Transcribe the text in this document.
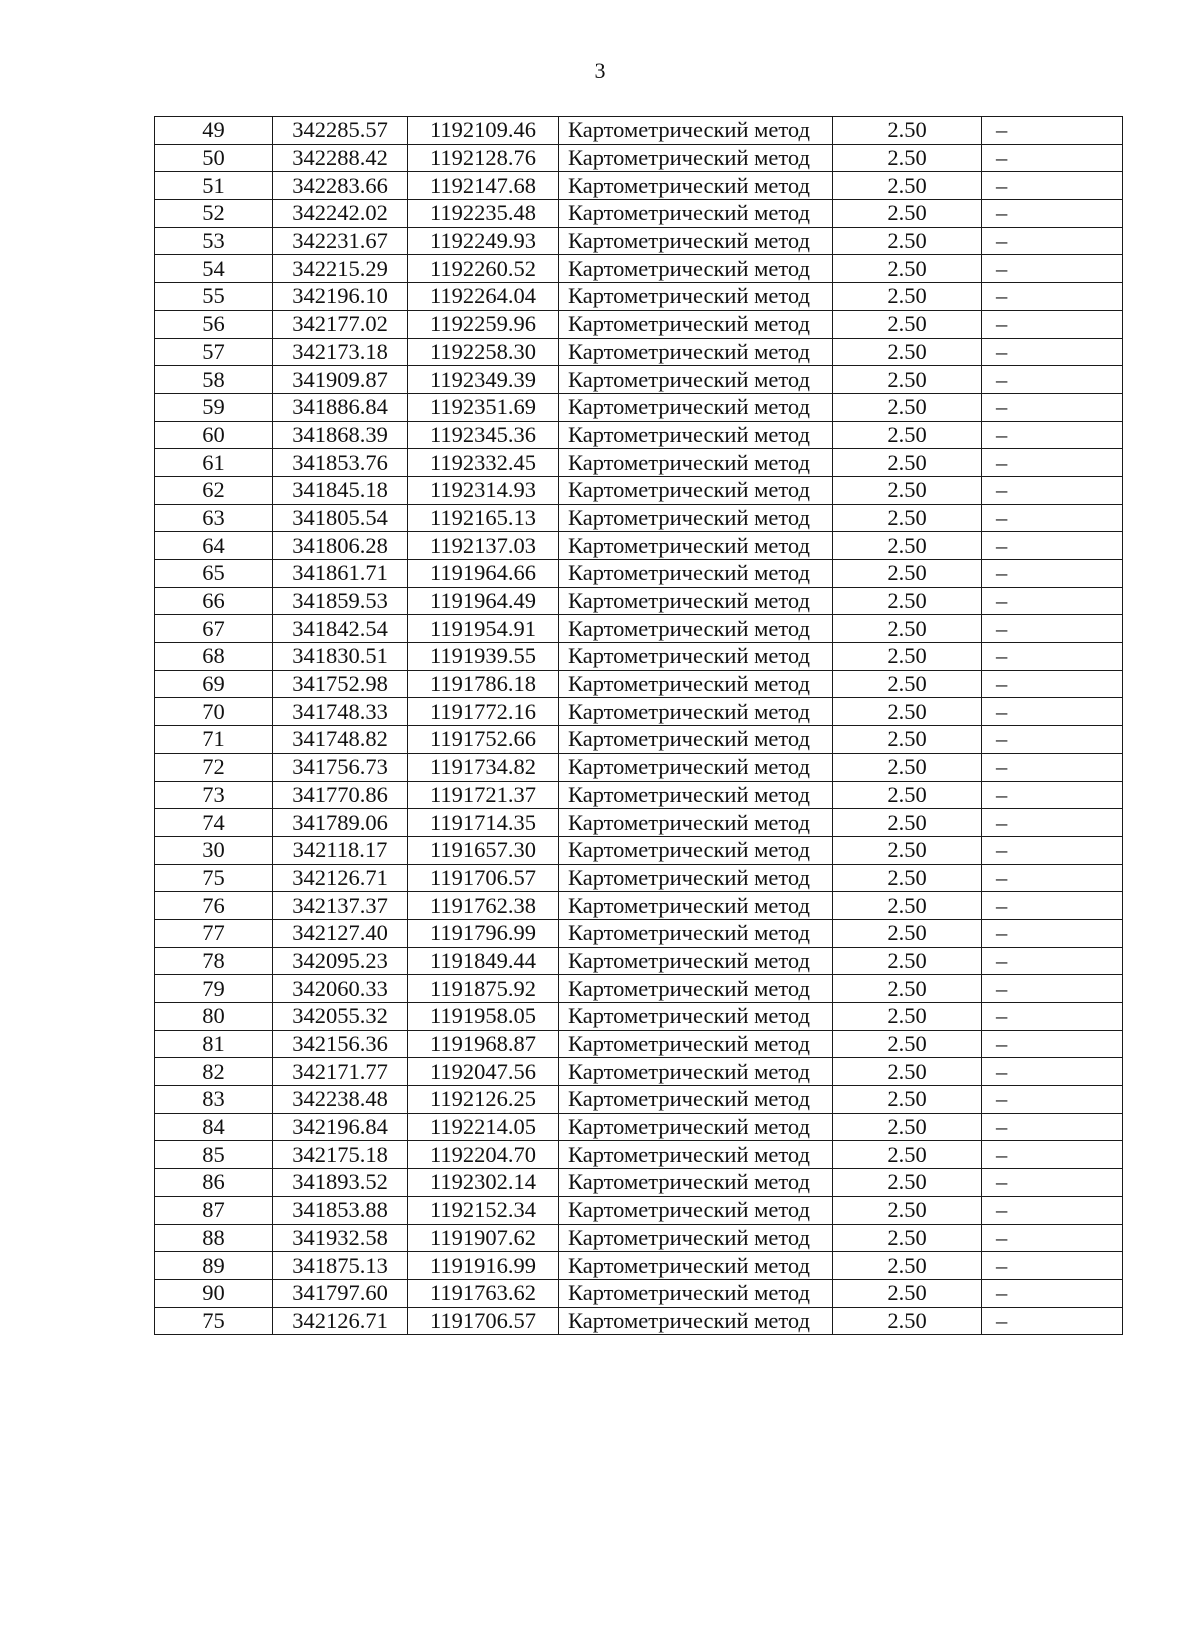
3
49	342285.57	1192109.46	Картометрический метод	2.50	–
50	342288.42	1192128.76	Картометрический метод	2.50	–
51	342283.66	1192147.68	Картометрический метод	2.50	–
52	342242.02	1192235.48	Картометрический метод	2.50	–
53	342231.67	1192249.93	Картометрический метод	2.50	–
54	342215.29	1192260.52	Картометрический метод	2.50	–
55	342196.10	1192264.04	Картометрический метод	2.50	–
56	342177.02	1192259.96	Картометрический метод	2.50	–
57	342173.18	1192258.30	Картометрический метод	2.50	–
58	341909.87	1192349.39	Картометрический метод	2.50	–
59	341886.84	1192351.69	Картометрический метод	2.50	–
60	341868.39	1192345.36	Картометрический метод	2.50	–
61	341853.76	1192332.45	Картометрический метод	2.50	–
62	341845.18	1192314.93	Картометрический метод	2.50	–
63	341805.54	1192165.13	Картометрический метод	2.50	–
64	341806.28	1192137.03	Картометрический метод	2.50	–
65	341861.71	1191964.66	Картометрический метод	2.50	–
66	341859.53	1191964.49	Картометрический метод	2.50	–
67	341842.54	1191954.91	Картометрический метод	2.50	–
68	341830.51	1191939.55	Картометрический метод	2.50	–
69	341752.98	1191786.18	Картометрический метод	2.50	–
70	341748.33	1191772.16	Картометрический метод	2.50	–
71	341748.82	1191752.66	Картометрический метод	2.50	–
72	341756.73	1191734.82	Картометрический метод	2.50	–
73	341770.86	1191721.37	Картометрический метод	2.50	–
74	341789.06	1191714.35	Картометрический метод	2.50	–
30	342118.17	1191657.30	Картометрический метод	2.50	–
75	342126.71	1191706.57	Картометрический метод	2.50	–
76	342137.37	1191762.38	Картометрический метод	2.50	–
77	342127.40	1191796.99	Картометрический метод	2.50	–
78	342095.23	1191849.44	Картометрический метод	2.50	–
79	342060.33	1191875.92	Картометрический метод	2.50	–
80	342055.32	1191958.05	Картометрический метод	2.50	–
81	342156.36	1191968.87	Картометрический метод	2.50	–
82	342171.77	1192047.56	Картометрический метод	2.50	–
83	342238.48	1192126.25	Картометрический метод	2.50	–
84	342196.84	1192214.05	Картометрический метод	2.50	–
85	342175.18	1192204.70	Картометрический метод	2.50	–
86	341893.52	1192302.14	Картометрический метод	2.50	–
87	341853.88	1192152.34	Картометрический метод	2.50	–
88	341932.58	1191907.62	Картометрический метод	2.50	–
89	341875.13	1191916.99	Картометрический метод	2.50	–
90	341797.60	1191763.62	Картометрический метод	2.50	–
75	342126.71	1191706.57	Картометрический метод	2.50	–
